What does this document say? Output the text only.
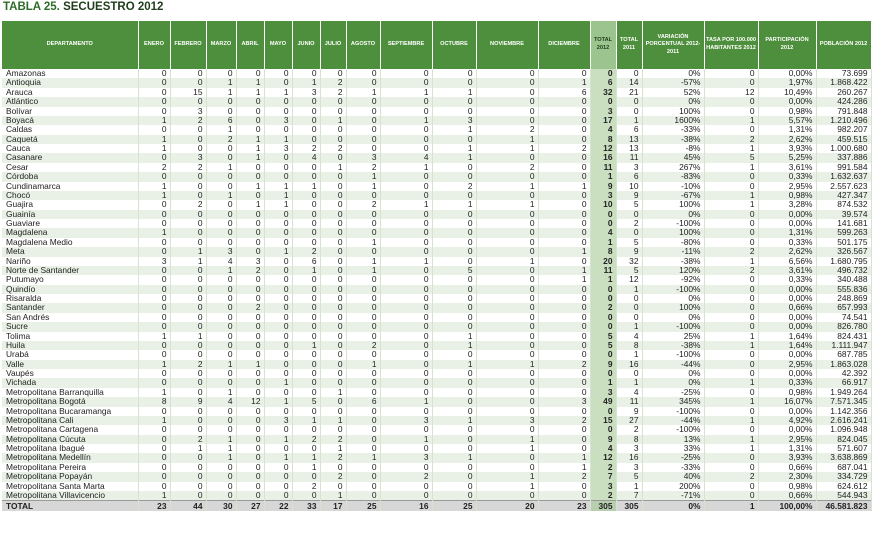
TABLA 25. SECUESTRO 2012
DEPARTAMENTO	ENERO	FEBRERO	MARZO	ABRIL	MAYO	JUNIO	JULIO	AGOSTO	SEPTIEMBRE	OCTUBRE	NOVIEMBRE	DICIEMBRE	TOTAL 2012	TOTAL 2011	VARIACIÓN PORCENTUAL 2012-2011	TASA POR 100.000 HABITANTES 2012	PARTICIPACIÓN 2012	POBLACIÓN 2012
Amazonas	0	0	0	0	0	0	0	0	0	0	0	0	0	0	0%	0	0,00%	73.699
Antioquia	0	0	1	1	0	1	2	0	0	0	0	1	6	14	-57%	0	1,97%	1.868.422
Arauca	0	15	1	1	1	3	2	1	1	1	0	6	32	21	52%	12	10,49%	260.267
Atlántico	0	0	0	0	0	0	0	0	0	0	0	0	0	0	0%	0	0,00%	424.286
Bolívar	0	3	0	0	0	0	0	0	0	0	0	0	3	0	100%	0	0,98%	791.848
Boyacá	1	2	6	0	3	0	1	0	1	3	0	0	17	1	1600%	1	5,57%	1.210.496
Caldas	0	0	1	0	0	0	0	0	0	1	2	0	4	6	-33%	0	1,31%	982.207
Caquetá	1	0	2	1	1	0	0	0	0	0	1	0	8	13	-38%	2	2,62%	459.515
Cauca	1	0	0	1	3	2	2	0	0	1	1	2	12	13	-8%	1	3,93%	1.000.680
Casanare	0	3	0	1	0	4	0	3	4	1	0	0	16	11	45%	5	5,25%	337.886
Cesar	2	2	1	0	0	0	1	2	1	0	2	0	11	3	267%	1	3,61%	991.584
Córdoba	0	0	0	0	0	0	0	1	0	0	0	0	1	6	-83%	0	0,33%	1.632.637
Cundinamarca	1	0	0	1	1	1	0	1	0	2	1	1	9	10	-10%	0	2,95%	2.557.623
Chocó	1	0	1	0	1	0	0	0	0	0	0	0	3	9	-67%	1	0,98%	427.347
Guajira	0	2	0	1	1	0	0	2	1	1	1	0	10	5	100%	1	3,28%	874.532
Guainía	0	0	0	0	0	0	0	0	0	0	0	0	0	0	0%	0	0,00%	39.574
Guaviare	0	0	0	0	0	0	0	0	0	0	0	0	0	2	-100%	0	0,00%	141.681
Magdalena	1	0	0	0	0	0	0	0	0	0	0	0	4	0	100%	0	1,31%	599.263
Magdalena Medio	0	0	0	0	0	0	0	1	0	0	0	0	1	5	-80%	0	0,33%	501.175
Meta	0	1	3	0	1	2	0	0	0	0	0	1	8	9	-11%	2	2,62%	326.567
Nariño	3	1	4	3	0	6	0	1	1	0	1	0	20	32	-38%	1	6,56%	1.680.795
Norte de Santander	0	0	1	2	0	1	0	1	0	5	0	1	11	5	120%	2	3,61%	496.732
Putumayo	0	0	0	0	0	0	0	0	0	0	0	1	1	12	-92%	0	0,33%	340.488
Quindío	0	0	0	0	0	0	0	0	0	0	0	0	0	1	-100%	0	0,00%	555.836
Risaralda	0	0	0	0	0	0	0	0	0	0	0	0	0	0	0%	0	0,00%	248.869
Santander	0	0	0	2	0	0	0	0	0	0	0	0	2	0	100%	0	0,66%	657.993
San Andrés	0	0	0	0	0	0	0	0	0	0	0	0	0	0	0%	0	0,00%	74.541
Sucre	0	0	0	0	0	0	0	0	0	0	0	0	0	1	-100%	0	0,00%	826.780
Tolima	1	1	0	0	0	0	0	0	0	1	0	0	5	4	25%	1	1,64%	824.431
Huila	0	0	0	0	0	1	0	2	0	1	0	0	5	8	-38%	1	1,64%	1.111.947
Urabá	0	0	0	0	0	0	0	0	0	0	0	0	0	1	-100%	0	0,00%	687.785
Valle	1	2	1	1	0	0	0	1	0	1	1	2	9	16	-44%	0	2,95%	1.863.028
Vaupés	0	0	0	0	0	0	0	0	0	0	0	0	0	0	0%	0	0,00%	42.392
Vichada	0	0	0	0	1	0	0	0	0	0	0	0	1	1	0%	1	0,33%	66.917
Metropolitana Barranquilla	1	0	1	0	0	0	1	0	0	0	0	0	3	4	-25%	0	0,98%	1.949.264
Metropolitana Bogotá	8	9	4	12	1	5	0	6	1	0	0	3	49	11	345%	1	16,07%	7.571.345
Metropolitana Bucaramanga	0	0	0	0	0	0	0	0	0	0	0	0	0	9	-100%	0	0,00%	1.142.356
Metropolitana Cali	1	0	0	0	3	1	1	0	3	1	3	2	15	27	-44%	1	4,92%	2.616.241
Metropolitana Cartagena	0	0	0	0	0	0	0	0	0	0	0	0	0	2	-100%	0	0,00%	1.096.948
Metropolitana Cúcuta	0	2	1	0	1	2	2	0	1	0	1	0	9	8	13%	1	2,95%	824.045
Metropolitana Ibagué	0	1	1	0	0	0	1	0	0	0	1	0	4	3	33%	1	1,31%	571.607
Metropolitana Medellín	0	0	1	0	1	1	2	1	3	1	0	1	12	16	-25%	0	3,93%	3.638.869
Metropolitana Pereira	0	0	0	0	0	1	0	0	0	0	0	1	2	3	-33%	0	0,66%	687.041
Metropolitana Popayán	0	0	0	0	0	0	2	0	2	0	1	2	7	5	40%	2	2,30%	334.729
Metropolitana Santa Marta	0	0	0	0	0	2	0	0	0	0	1	0	3	1	200%	0	0,98%	624.612
Metropolitana Villavicencio	1	0	0	0	0	0	1	0	0	0	0	0	2	7	-71%	0	0,66%	544.943
TOTAL	23	44	30	27	22	33	17	25	16	25	20	23	305	305	0%	1	100,00%	46.581.823
